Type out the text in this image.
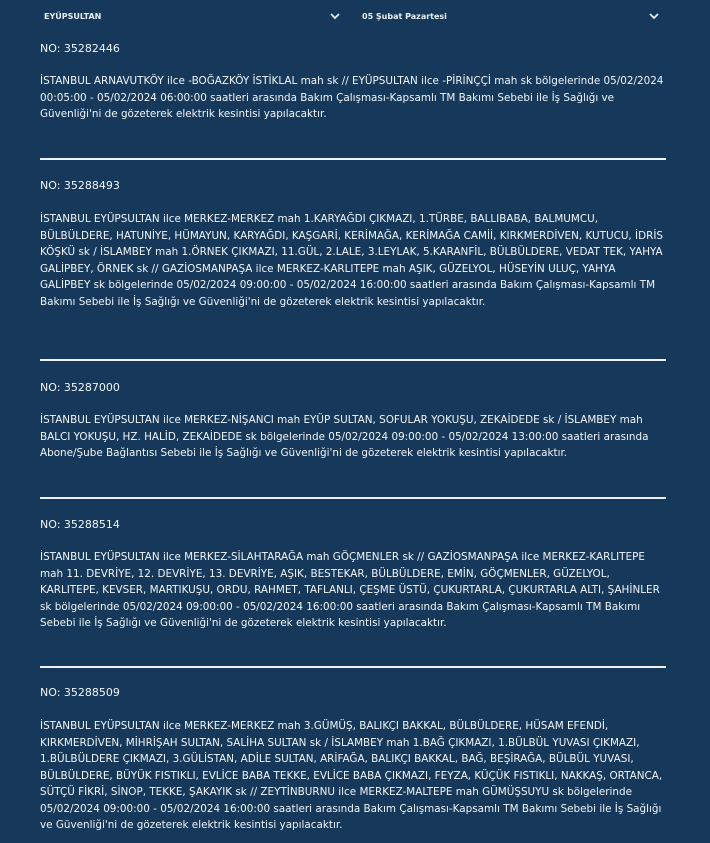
EYÜPSULTAN	05 Şubat Pazartesi

NO: 35282446

İSTANBUL ARNAVUTKÖY ilce -BOĞAZKÖY İSTİKLAL mah sk // EYÜPSULTAN ilce -PİRİNÇÇİ mah sk bölgelerinde 05/02/2024 00:05:00 - 05/02/2024 06:00:00 saatleri arasında Bakım Çalışması-Kapsamlı TM Bakımı Sebebi ile İş Sağlığı ve Güvenliği'ni de gözeterek elektrik kesintisi yapılacaktır.

NO: 35288493

İSTANBUL EYÜPSULTAN ilce MERKEZ-MERKEZ mah 1.KARYAĞDI ÇIKMAZI, 1.TÜRBE, BALLIBABA, BALMUMCU, BÜLBÜLDERE, HATUNİYE, HÜMAYUN, KARYAĞDI, KAŞGARİ, KERİMAĞA, KERİMAĞA CAMİİ, KIRKMERDİVEN, KUTUCU, İDRİS KÖŞKÜ sk / İSLAMBEY mah 1.ÖRNEK ÇIKMAZI, 11.GÜL, 2.LALE, 3.LEYLAK, 5.KARANFİL, BÜLBÜLDERE, VEDAT TEK, YAHYA GALİPBEY, ÖRNEK sk // GAZİOSMANPAŞA ilce MERKEZ-KARLITEPE mah AŞIK, GÜZELYOL, HÜSEYİN ULUÇ, YAHYA GALİPBEY sk bölgelerinde 05/02/2024 09:00:00 - 05/02/2024 16:00:00 saatleri arasında Bakım Çalışması-Kapsamlı TM Bakımı Sebebi ile İş Sağlığı ve Güvenliği'ni de gözeterek elektrik kesintisi yapılacaktır.

NO: 35287000

İSTANBUL EYÜPSULTAN ilce MERKEZ-NİŞANCI mah EYÜP SULTAN, SOFULAR YOKUŞU, ZEKAİDEDE sk / İSLAMBEY mah BALCI YOKUŞU, HZ. HALİD, ZEKAİDEDE sk bölgelerinde 05/02/2024 09:00:00 - 05/02/2024 13:00:00 saatleri arasında Abone/Şube Bağlantısı Sebebi ile İş Sağlığı ve Güvenliği'ni de gözeterek elektrik kesintisi yapılacaktır.

NO: 35288514

İSTANBUL EYÜPSULTAN ilce MERKEZ-SİLAHTARAĞA mah GÖÇMENLER sk // GAZİOSMANPAŞA ilce MERKEZ-KARLITEPE mah 11. DEVRİYE, 12. DEVRİYE, 13. DEVRİYE, AŞIK, BESTEKAR, BÜLBÜLDERE, EMİN, GÖÇMENLER, GÜZELYOL, KARLITEPE, KEVSER, MARTIKUŞU, ORDU, RAHMET, TAFLANLI, ÇEŞME ÜSTÜ, ÇUKURTARLA, ÇUKURTARLA ALTI, ŞAHİNLER sk bölgelerinde 05/02/2024 09:00:00 - 05/02/2024 16:00:00 saatleri arasında Bakım Çalışması-Kapsamlı TM Bakımı Sebebi ile İş Sağlığı ve Güvenliği'ni de gözeterek elektrik kesintisi yapılacaktır.

NO: 35288509

İSTANBUL EYÜPSULTAN ilce MERKEZ-MERKEZ mah 3.GÜMÜŞ, BALIKÇI BAKKAL, BÜLBÜLDERE, HÜSAM EFENDİ, KIRKMERDİVEN, MİHRİŞAH SULTAN, SALİHA SULTAN sk / İSLAMBEY mah 1.BAĞ ÇIKMAZI, 1.BÜLBÜL YUVASI ÇIKMAZI, 1.BÜLBÜLDERE ÇIKMAZI, 3.GÜLİSTAN, ADİLE SULTAN, ARİFAĞA, BALIKÇI BAKKAL, BAĞ, BEŞİRAĞA, BÜLBÜL YUVASI, BÜLBÜLDERE, BÜYÜK FISTIKLI, EVLİCE BABA TEKKE, EVLİCE BABA ÇIKMAZI, FEYZA, KÜÇÜK FISTIKLI, NAKKAŞ, ORTANCA, SÜTÇÜ FİKRİ, SİNOP, TEKKE, ŞAKAYIK sk // ZEYTİNBURNU ilce MERKEZ-MALTEPE mah GÜMÜŞSUYU sk bölgelerinde 05/02/2024 09:00:00 - 05/02/2024 16:00:00 saatleri arasında Bakım Çalışması-Kapsamlı TM Bakımı Sebebi ile İş Sağlığı ve Güvenliği'ni de gözeterek elektrik kesintisi yapılacaktır.
